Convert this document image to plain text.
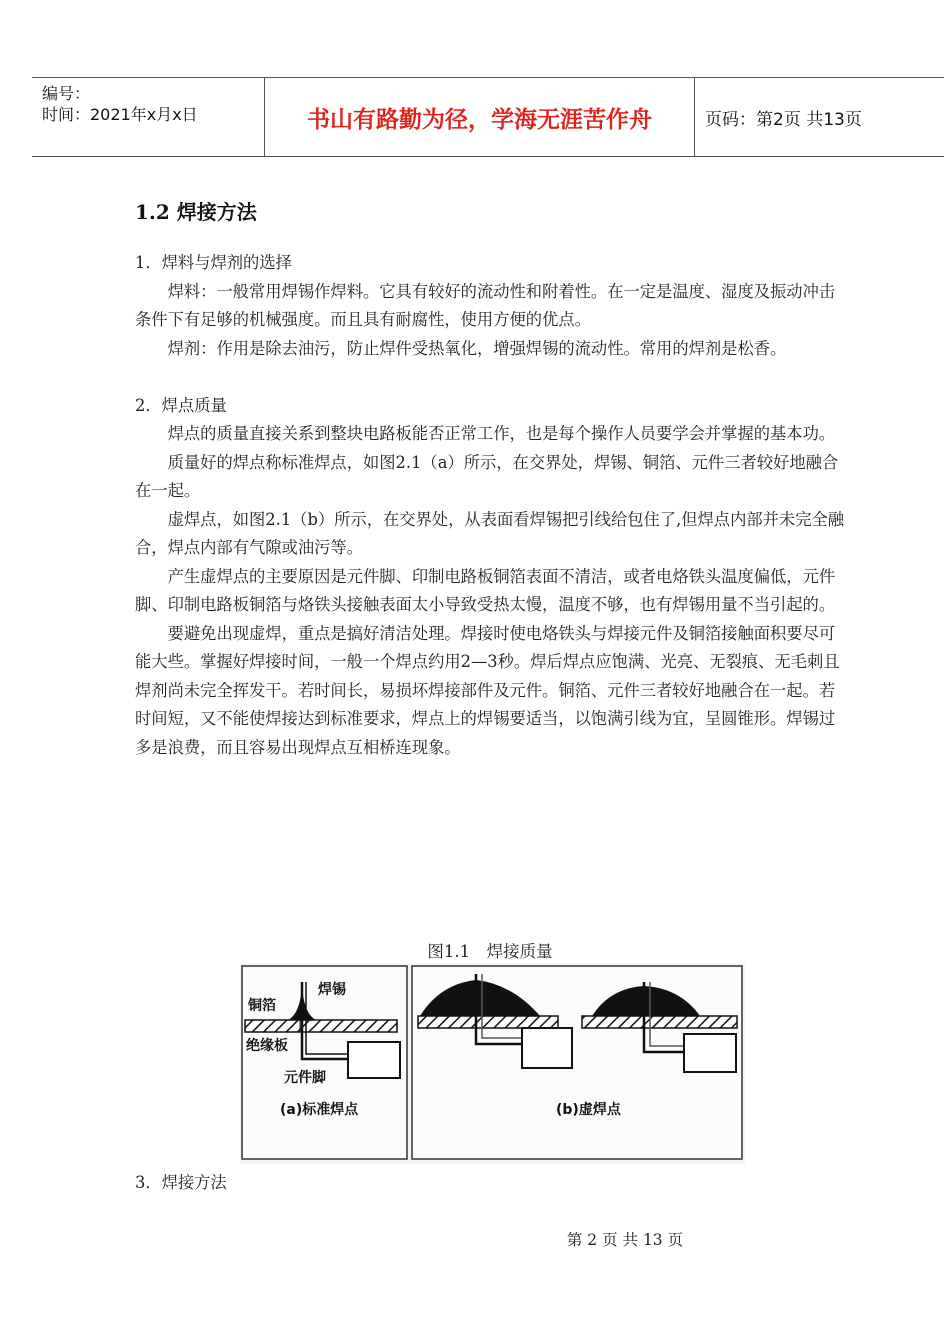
编号：
时间：2021年x月x日	书山有路勤为径，学海无涯苦作舟	页码：第2页 共13页
1.2 焊接方法

1．焊料与焊剂的选择

焊料：一般常用焊锡作焊料。它具有较好的流动性和附着性。在一定是温度、湿度及振动冲击条件下有足够的机械强度。而且具有耐腐性，使用方便的优点。

焊剂：作用是除去油污，防止焊件受热氧化，增强焊锡的流动性。常用的焊剂是松香。

2．焊点质量

焊点的质量直接关系到整块电路板能否正常工作，也是每个操作人员要学会并掌握的基本功。

质量好的焊点称标准焊点，如图2.1（a）所示，在交界处，焊锡、铜箔、元件三者较好地融合在一起。

虚焊点，如图2.1（b）所示，在交界处，从表面看焊锡把引线给包住了,但焊点内部并未完全融合，焊点内部有气隙或油污等。

产生虚焊点的主要原因是元件脚、印制电路板铜箔表面不清洁，或者电烙铁头温度偏低，元件脚、印制电路板铜箔与烙铁头接触表面太小导致受热太慢，温度不够，也有焊锡用量不当引起的。

要避免出现虚焊，重点是搞好清洁处理。焊接时使电烙铁头与焊接元件及铜箔接触面积要尽可能大些。掌握好焊接时间，一般一个焊点约用2—3秒。焊后焊点应饱满、光亮、无裂痕、无毛刺且焊剂尚未完全挥发干。若时间长，易损坏焊接部件及元件。铜箔、元件三者较好地融合在一起。若时间短，又不能使焊接达到标准要求，焊点上的焊锡要适当，以饱满引线为宜，呈圆锥形。焊锡过多是浪费，而且容易出现焊点互相桥连现象。

图1.1　焊接质量
焊锡
铜箔
绝缘板
元件脚
(a)标准焊点	(b)虚焊点
3．焊接方法
第 2 页 共 13 页
